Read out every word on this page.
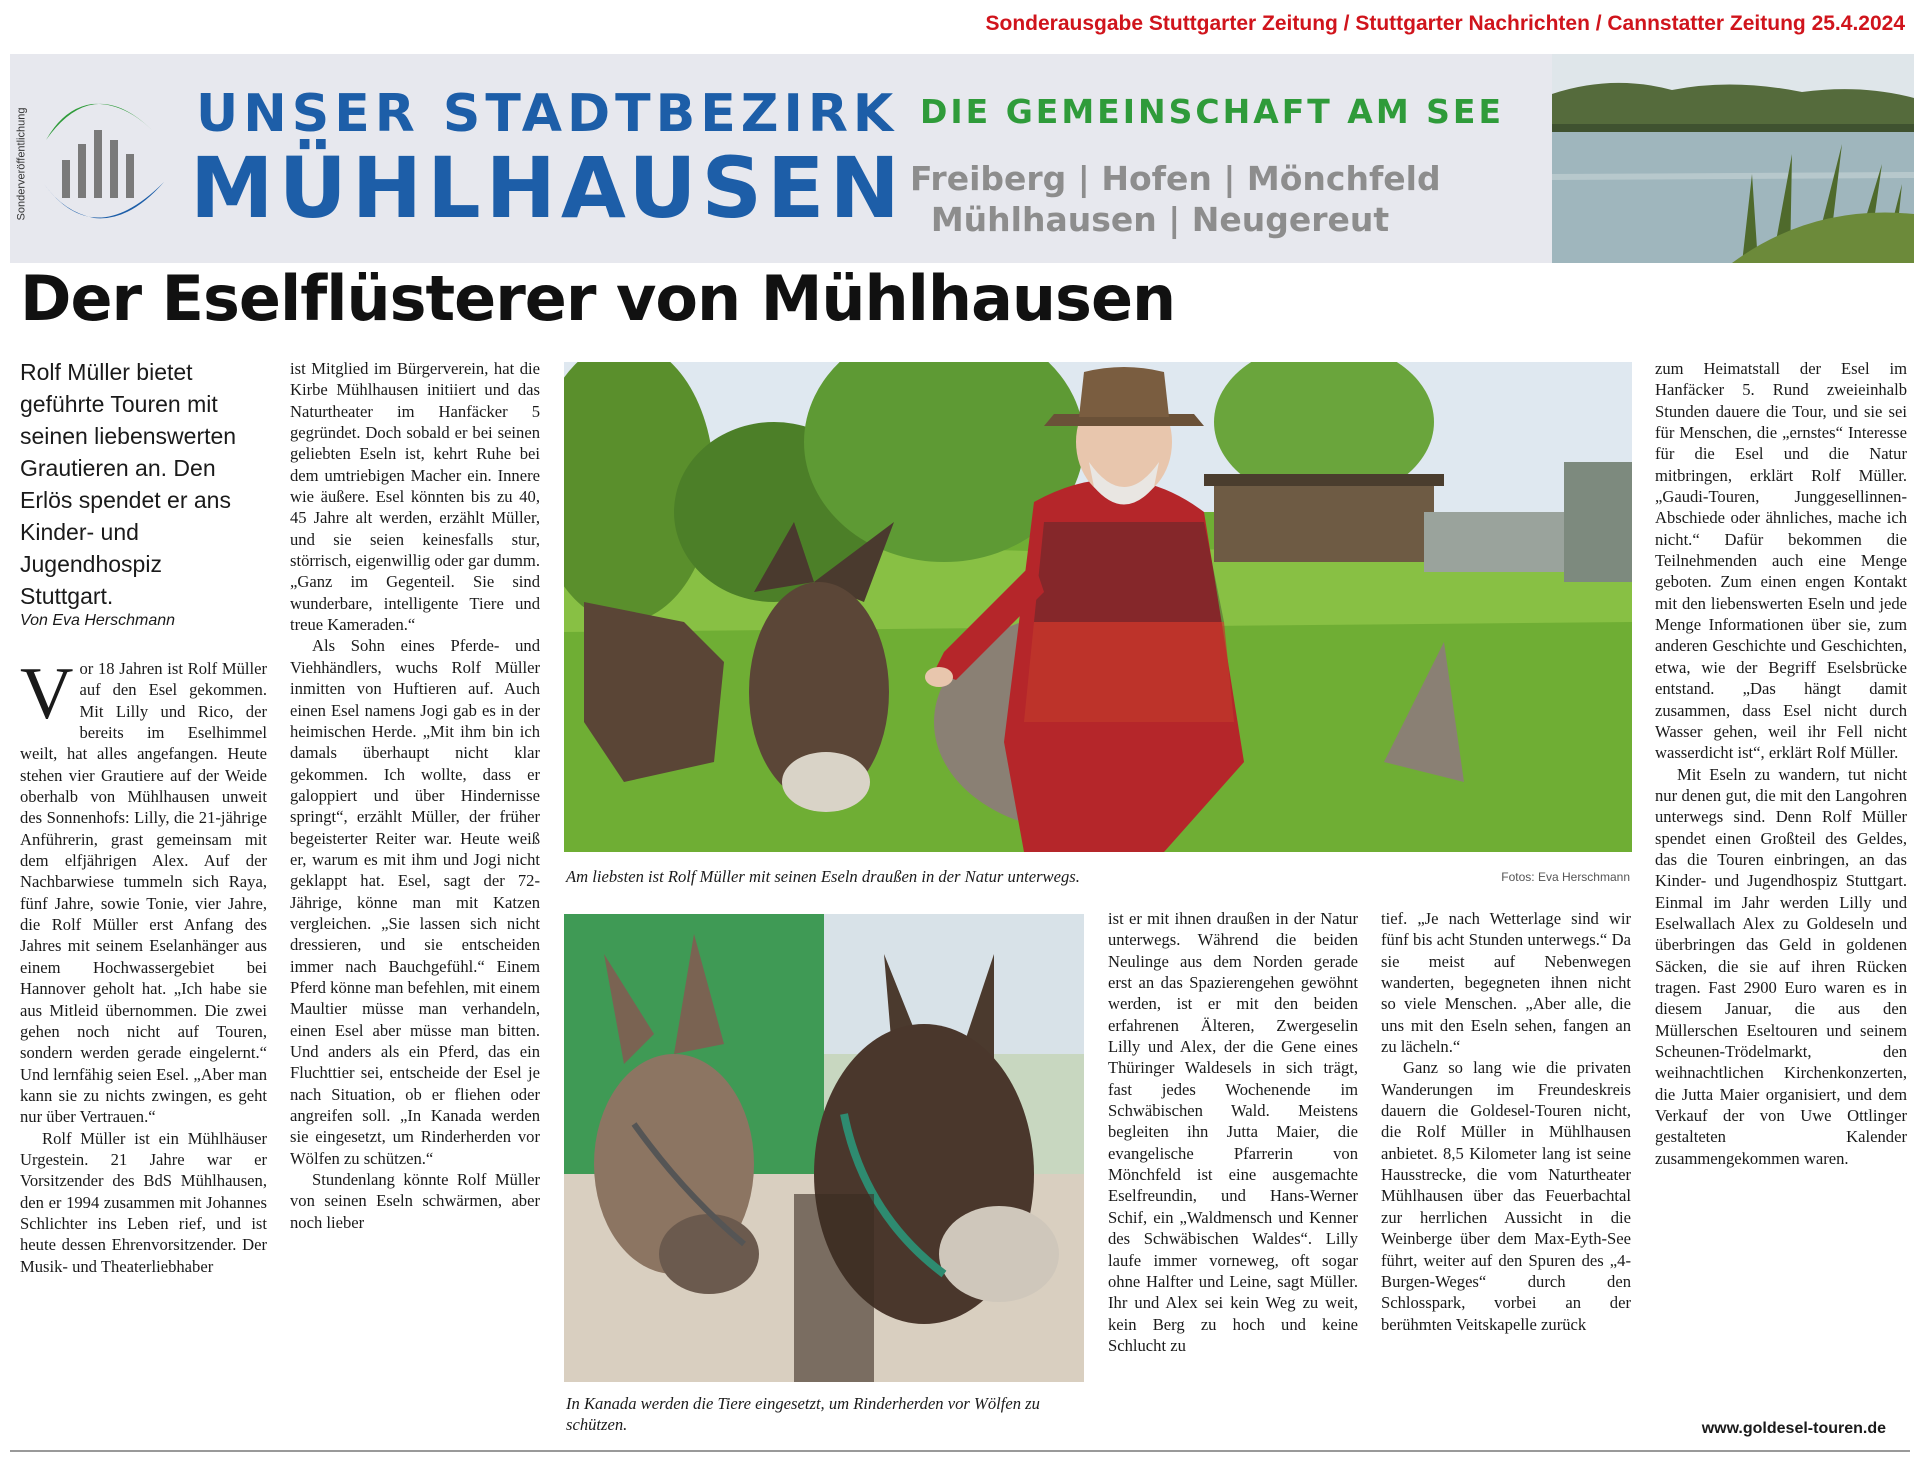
Sonderausgabe Stuttgarter Zeitung / Stuttgarter Nachrichten / Cannstatter Zeitung 25.4.2024
Sonderveröffentlichung	UNSER STADTBEZIRK
MÜHLHAUSEN
DIE GEMEINSCHAFT AM SEE
Freiberg | Hofen | Mönchfeld
Mühlhausen | Neugereut
Der Eselflüsterer von Mühlhausen
Rolf Müller bietet geführte Touren mit seinen liebenswerten Grautieren an. Den Erlös spendet er ans Kinder- und Jugendhospiz Stuttgart.
Von Eva Herschmann

Vor 18 Jahren ist Rolf Müller auf den Esel gekommen. Mit Lilly und Rico, der bereits im Eselhimmel weilt, hat alles angefangen. Heute stehen vier Grautiere auf der Weide oberhalb von Mühlhausen unweit des Sonnenhofs: Lilly, die 21-jährige Anführerin, grast gemeinsam mit dem elfjährigen Alex. Auf der Nachbarwiese tummeln sich Raya, fünf Jahre, sowie Tonie, vier Jahre, die Rolf Müller erst Anfang des Jahres mit seinem Eselanhänger aus einem Hochwassergebiet bei Hannover geholt hat. „Ich habe sie aus Mitleid übernommen. Die zwei gehen noch nicht auf Touren, sondern werden gerade eingelernt.“ Und lernfähig seien Esel. „Aber man kann sie zu nichts zwingen, es geht nur über Vertrauen.“

Rolf Müller ist ein Mühlhäuser Urgestein. 21 Jahre war er Vorsitzender des BdS Mühlhausen, den er 1994 zusammen mit Johannes Schlichter ins Leben rief, und ist heute dessen Ehrenvorsitzender. Der Musik- und Theaterliebhaber

ist Mitglied im Bürgerverein, hat die Kirbe Mühlhausen initiiert und das Naturtheater im Hanfäcker 5 gegründet. Doch sobald er bei seinen geliebten Eseln ist, kehrt Ruhe bei dem umtriebigen Macher ein. Innere wie äußere. Esel könnten bis zu 40, 45 Jahre alt werden, erzählt Müller, und sie seien keinesfalls stur, störrisch, eigenwillig oder gar dumm. „Ganz im Gegenteil. Sie sind wunderbare, intelligente Tiere und treue Kameraden.“

Als Sohn eines Pferde- und Viehhändlers, wuchs Rolf Müller inmitten von Huftieren auf. Auch einen Esel namens Jogi gab es in der heimischen Herde. „Mit ihm bin ich damals überhaupt nicht klar gekommen. Ich wollte, dass er galoppiert und über Hindernisse springt“, erzählt Müller, der früher begeisterter Reiter war. Heute weiß er, warum es mit ihm und Jogi nicht geklappt hat. Esel, sagt der 72-Jährige, könne man mit Katzen vergleichen. „Sie lassen sich nicht dressieren, und sie entscheiden immer nach Bauchgefühl.“ Einem Pferd könne man befehlen, mit einem Maultier müsse man verhandeln, einen Esel aber müsse man bitten. Und anders als ein Pferd, das ein Fluchttier sei, entscheide der Esel je nach Situation, ob er fliehen oder angreifen soll. „In Kanada werden sie eingesetzt, um Rinderherden vor Wölfen zu schützen.“

Stundenlang könnte Rolf Müller von seinen Eseln schwärmen, aber noch lieber

Am liebsten ist Rolf Müller mit seinen Eseln draußen in der Natur unterwegs.	Fotos: Eva Herschmann
In Kanada werden die Tiere eingesetzt, um Rinderherden vor Wölfen zu schützen.

ist er mit ihnen draußen in der Natur unterwegs. Während die beiden Neulinge aus dem Norden gerade erst an das Spazierengehen gewöhnt werden, ist er mit den beiden erfahrenen Älteren, Zwergeselin Lilly und Alex, der die Gene eines Thüringer Waldesels in sich trägt, fast jedes Wochenende im Schwäbischen Wald. Meistens begleiten ihn Jutta Maier, die evangelische Pfarrerin von Mönchfeld ist eine ausgemachte Eselfreundin, und Hans-Werner Schif, ein „Waldmensch und Kenner des Schwäbischen Waldes“. Lilly laufe immer vorneweg, oft sogar ohne Halfter und Leine, sagt Müller. Ihr und Alex sei kein Weg zu weit, kein Berg zu hoch und keine Schlucht zu

tief. „Je nach Wetterlage sind wir fünf bis acht Stunden unterwegs.“ Da sie meist auf Nebenwegen wanderten, begegneten ihnen nicht so viele Menschen. „Aber alle, die uns mit den Eseln sehen, fangen an zu lächeln.“

Ganz so lang wie die privaten Wanderungen im Freundeskreis dauern die Goldesel-Touren nicht, die Rolf Müller in Mühlhausen anbietet. 8,5 Kilometer lang ist seine Hausstrecke, die vom Naturtheater Mühlhausen über das Feuerbachtal zur herrlichen Aussicht in die Weinberge über dem Max-Eyth-See führt, weiter auf den Spuren des „4-Burgen-Weges“ durch den Schlosspark, vorbei an der berühmten Veitskapelle zurück

zum Heimatstall der Esel im Hanfäcker 5. Rund zweieinhalb Stunden dauere die Tour, und sie sei für Menschen, die „ernstes“ Interesse für die Esel und die Natur mitbringen, erklärt Rolf Müller. „Gaudi-Touren, Junggesellinnen-Abschiede oder ähnliches, mache ich nicht.“ Dafür bekommen die Teilnehmenden auch eine Menge geboten. Zum einen engen Kontakt mit den liebenswerten Eseln und jede Menge Informationen über sie, zum anderen Geschichte und Geschichten, etwa, wie der Begriff Eselsbrücke entstand. „Das hängt damit zusammen, dass Esel nicht durch Wasser gehen, weil ihr Fell nicht wasserdicht ist“, erklärt Rolf Müller.

Mit Eseln zu wandern, tut nicht nur denen gut, die mit den Langohren unterwegs sind. Denn Rolf Müller spendet einen Großteil des Geldes, das die Touren einbringen, an das Kinder- und Jugendhospiz Stuttgart. Einmal im Jahr werden Lilly und Eselwallach Alex zu Goldeseln und überbringen das Geld in goldenen Säcken, die sie auf ihren Rücken tragen. Fast 2900 Euro waren es in diesem Januar, die aus den Müllerschen Eseltouren und seinem Scheunen-Trödelmarkt, den weihnachtlichen Kirchenkonzerten, die Jutta Maier organisiert, und dem Verkauf der von Uwe Ottlinger gestalteten Kalender zusammengekommen waren.

www.goldesel-touren.de
